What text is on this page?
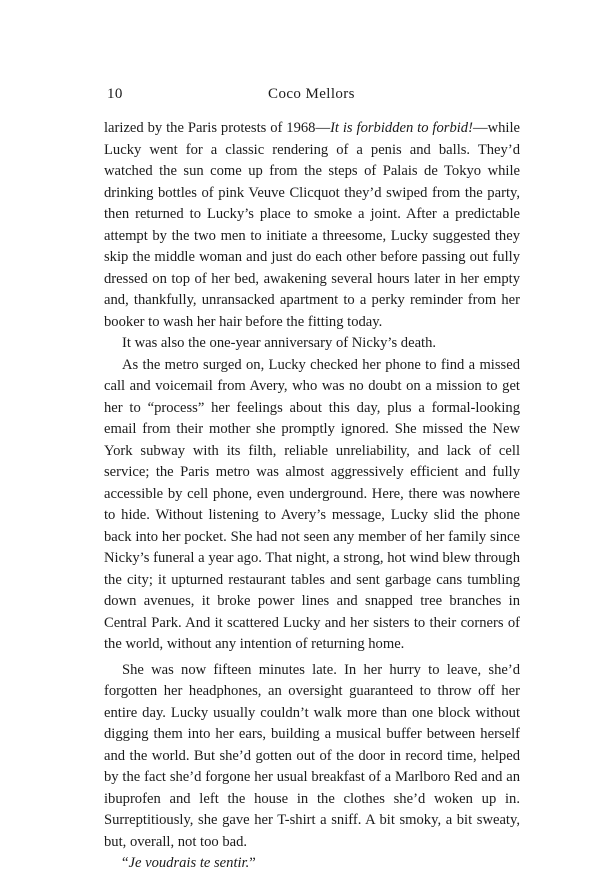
10	Coco Mellors

larized by the Paris protests of 1968—It is forbidden to forbid!—while Lucky went for a classic rendering of a penis and balls. They’d watched the sun come up from the steps of Palais de Tokyo while drinking bottles of pink Veuve Clicquot they’d swiped from the party, then returned to Lucky’s place to smoke a joint. After a predictable attempt by the two men to initiate a threesome, Lucky suggested they skip the middle woman and just do each other before passing out fully dressed on top of her bed, awakening several hours later in her empty and, thankfully, unransacked apartment to a perky reminder from her booker to wash her hair before the fitting today.

It was also the one-year anniversary of Nicky’s death.

As the metro surged on, Lucky checked her phone to find a missed call and voicemail from Avery, who was no doubt on a mission to get her to “process” her feelings about this day, plus a formal-looking email from their mother she promptly ignored. She missed the New York subway with its filth, reliable unreliability, and lack of cell service; the Paris metro was almost aggressively efficient and fully accessible by cell phone, even underground. Here, there was nowhere to hide. Without listening to Avery’s message, Lucky slid the phone back into her pocket. She had not seen any member of her family since Nicky’s funeral a year ago. That night, a strong, hot wind blew through the city; it upturned restaurant tables and sent garbage cans tumbling down avenues, it broke power lines and snapped tree branches in Central Park. And it scattered Lucky and her sisters to their corners of the world, without any intention of returning home.

She was now fifteen minutes late. In her hurry to leave, she’d forgotten her headphones, an oversight guaranteed to throw off her entire day. Lucky usually couldn’t walk more than one block without digging them into her ears, building a musical buffer between herself and the world. But she’d gotten out of the door in record time, helped by the fact she’d forgone her usual breakfast of a Marlboro Red and an ibuprofen and left the house in the clothes she’d woken up in. Surreptitiously, she gave her T-shirt a sniff. A bit smoky, a bit sweaty, but, overall, not too bad.

“Je voudrais te sentir.”
